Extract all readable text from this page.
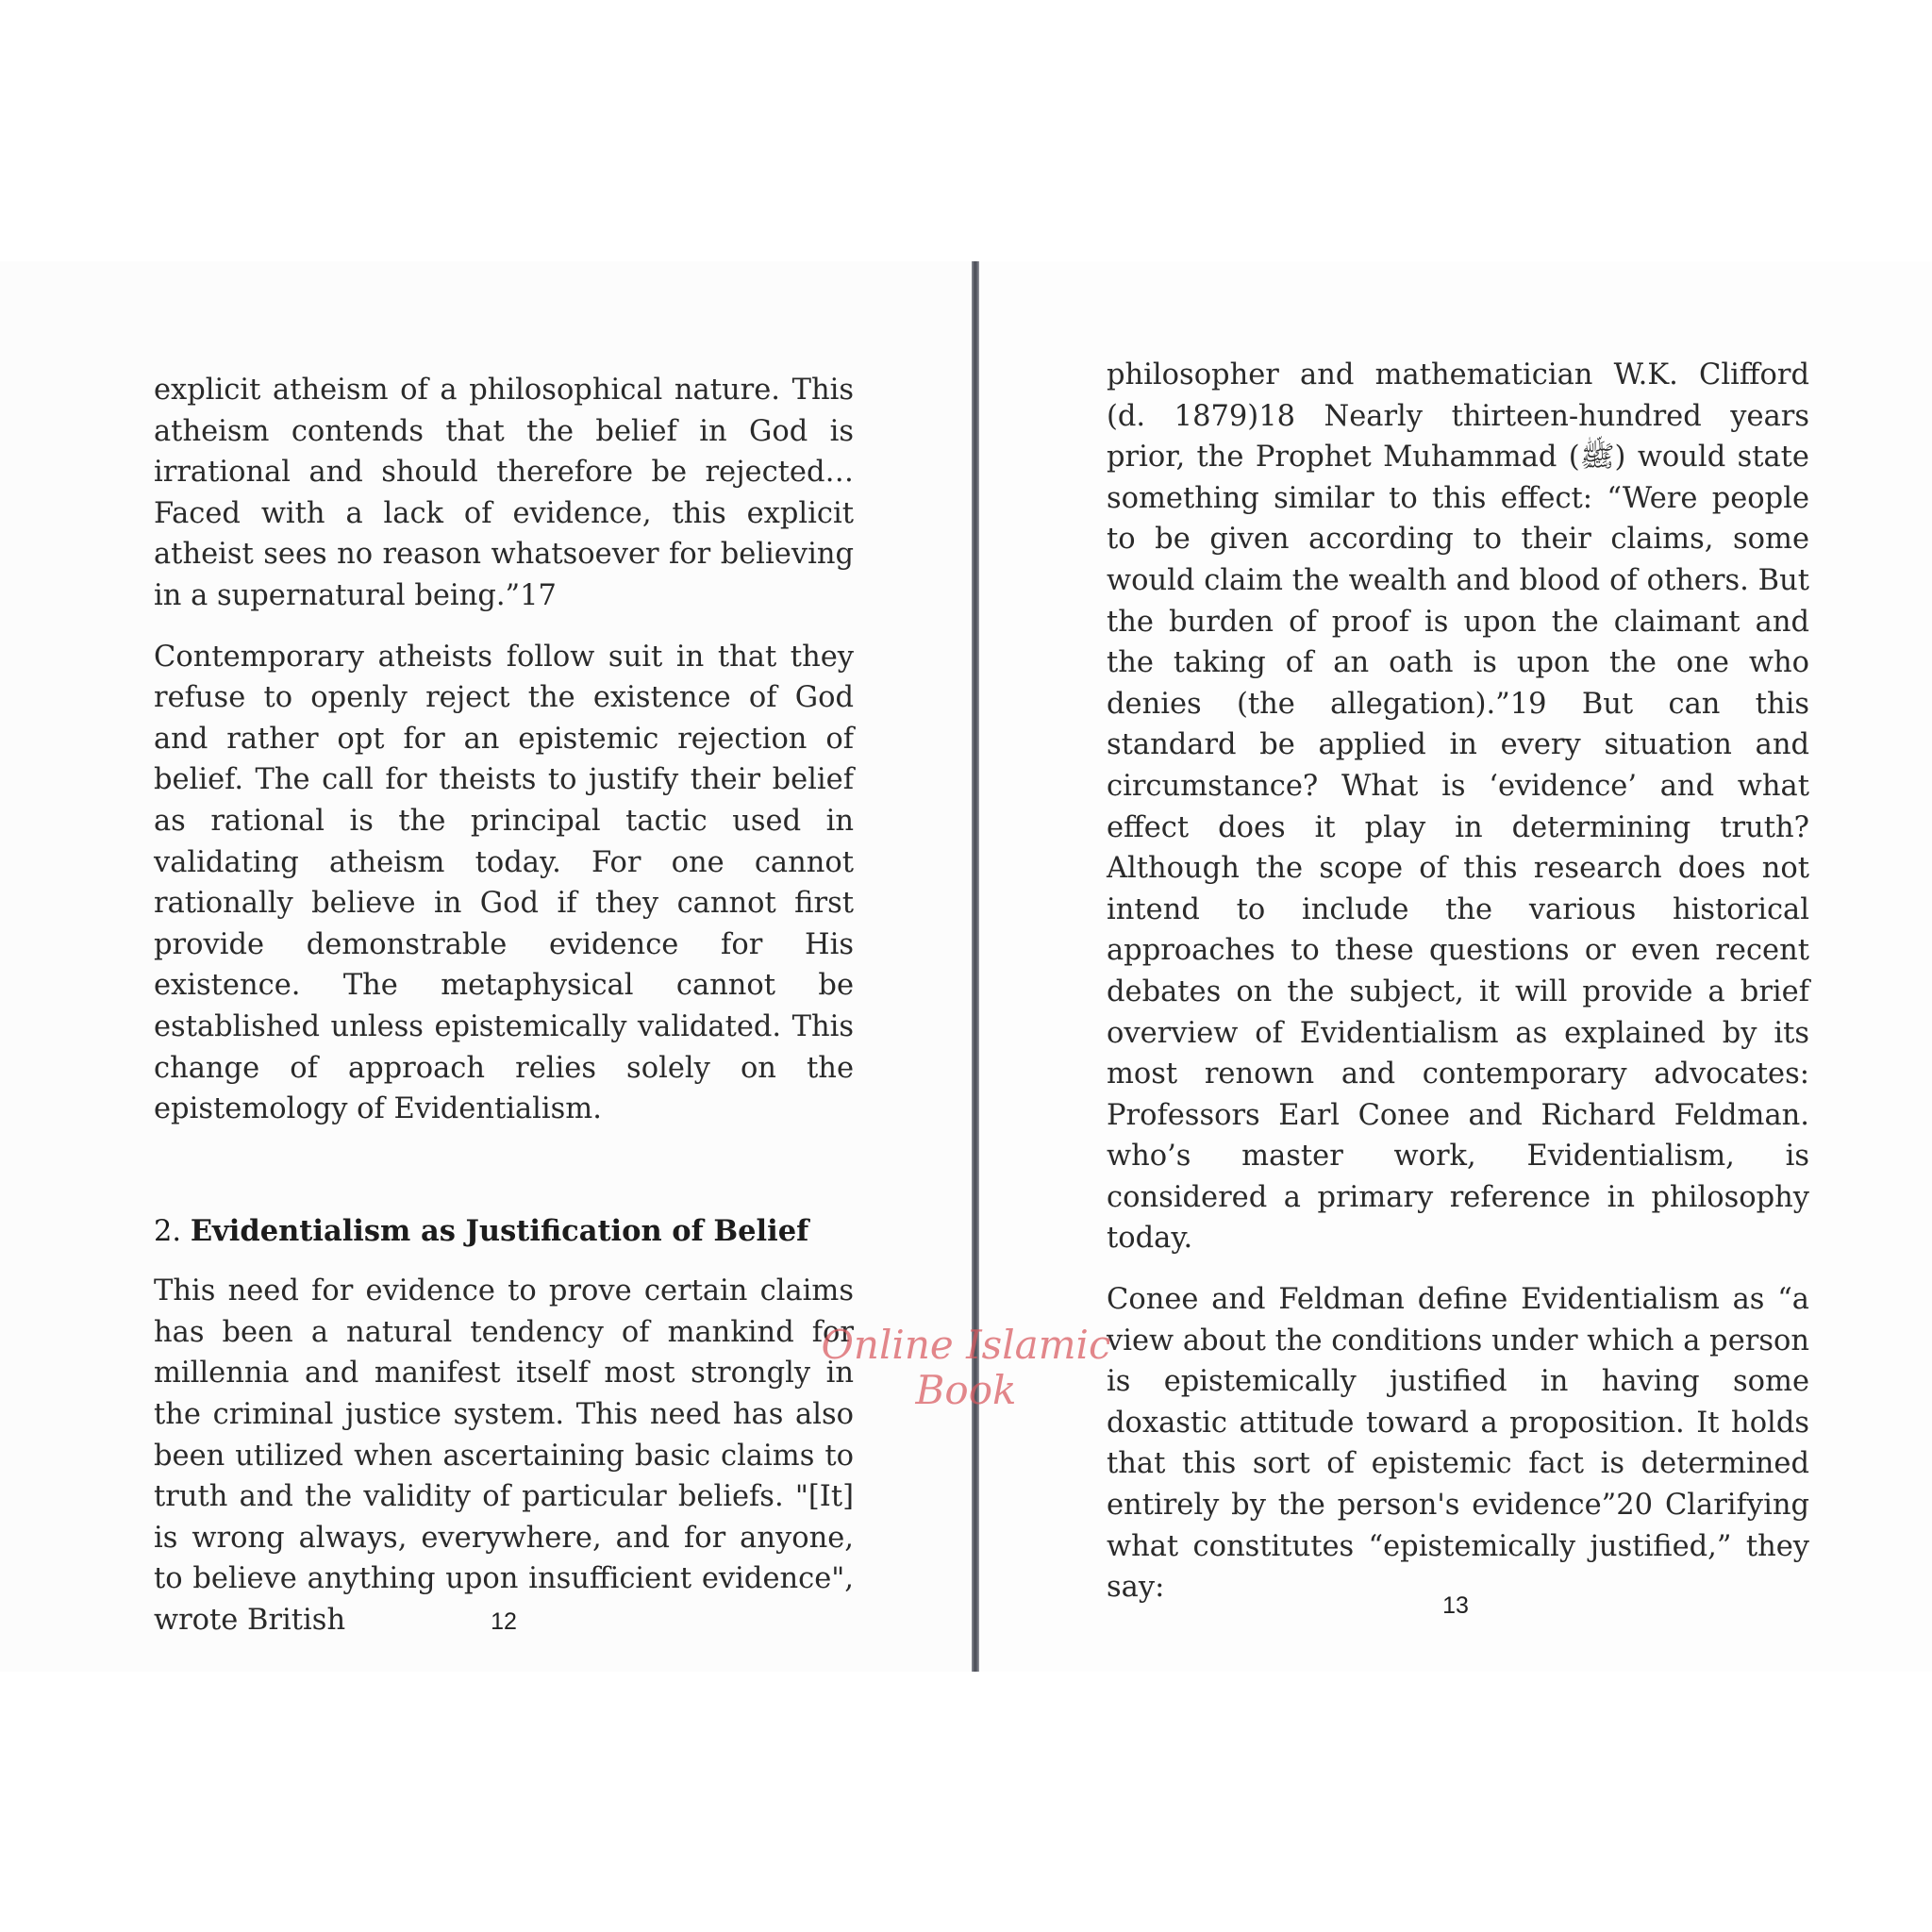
explicit atheism of a philosophical nature. This atheism contends that the belief in God is irrational and should therefore be rejected…Faced with a lack of evidence, this explicit atheist sees no reason whatsoever for believing in a supernatural being.”17

Contemporary atheists follow suit in that they refuse to openly reject the existence of God and rather opt for an epistemic rejection of belief. The call for theists to justify their belief as rational is the principal tactic used in validating atheism today. For one cannot rationally believe in God if they cannot first provide demonstrable evidence for His existence. The metaphysical cannot be established unless epistemically validated. This change of approach relies solely on the epistemology of Evidentialism.

2. Evidentialism as Justification of Belief

This need for evidence to prove certain claims has been a natural tendency of mankind for millennia and manifest itself most strongly in the criminal justice system. This need has also been utilized when ascertaining basic claims to truth and the validity of particular beliefs. "[It] is wrong always, everywhere, and for anyone, to believe anything upon insufficient evidence", wrote British

philosopher and mathematician W.K. Clifford (d. 1879)18 Nearly thirteen-hundred years prior, the Prophet Muhammad (ﷺ) would state something similar to this effect: “Were people to be given according to their claims, some would claim the wealth and blood of others. But the burden of proof is upon the claimant and the taking of an oath is upon the one who denies (the allegation).”19 But can this standard be applied in every situation and circumstance? What is ‘evidence’ and what effect does it play in determining truth? Although the scope of this research does not intend to include the various historical approaches to these questions or even recent debates on the subject, it will provide a brief overview of Evidentialism as explained by its most renown and contemporary advocates: Professors Earl Conee and Richard Feldman. who’s master work, Evidentialism, is considered a primary reference in philosophy today.

Conee and Feldman define Evidentialism as “a view about the conditions under which a person is epistemically justified in having some doxastic attitude toward a proposition. It holds that this sort of epistemic fact is determined entirely by the person's evidence”20 Clarifying what constitutes “epistemically justified,” they say:

12
13
Online Islamic
Book
